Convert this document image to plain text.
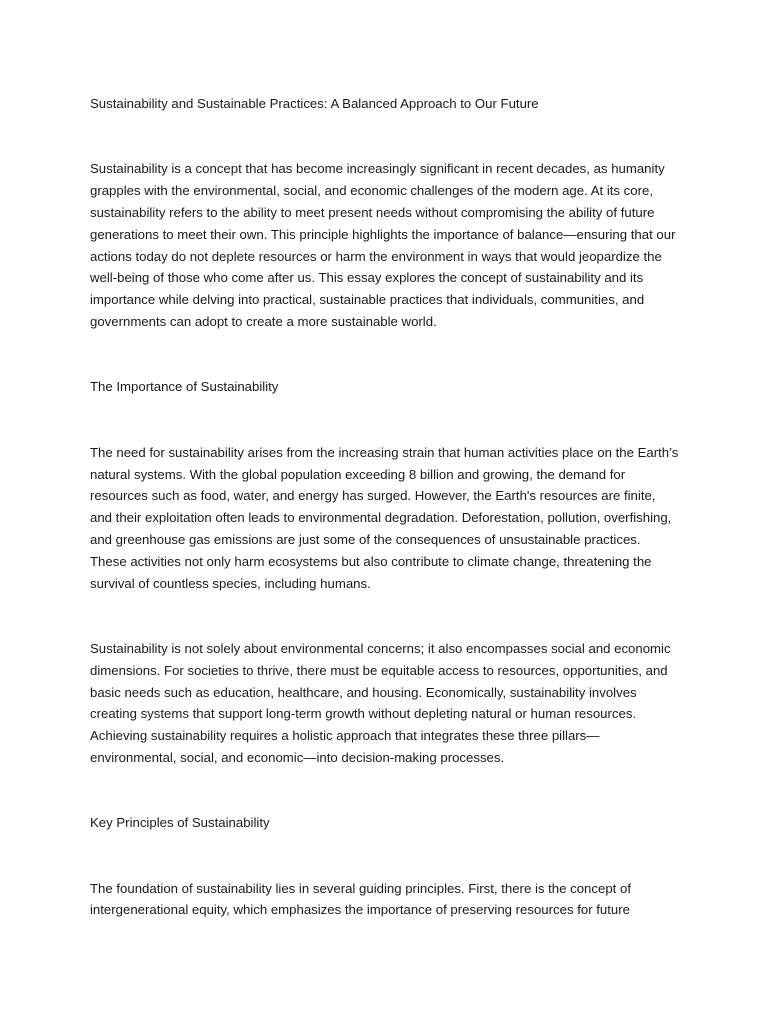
Sustainability and Sustainable Practices: A Balanced Approach to Our Future

Sustainability is a concept that has become increasingly significant in recent decades, as humanity grapples with the environmental, social, and economic challenges of the modern age. At its core, sustainability refers to the ability to meet present needs without compromising the ability of future generations to meet their own. This principle highlights the importance of balance—ensuring that our actions today do not deplete resources or harm the environment in ways that would jeopardize the well-being of those who come after us. This essay explores the concept of sustainability and its importance while delving into practical, sustainable practices that individuals, communities, and governments can adopt to create a more sustainable world.

The Importance of Sustainability

The need for sustainability arises from the increasing strain that human activities place on the Earth’s natural systems. With the global population exceeding 8 billion and growing, the demand for resources such as food, water, and energy has surged. However, the Earth's resources are finite, and their exploitation often leads to environmental degradation. Deforestation, pollution, overfishing, and greenhouse gas emissions are just some of the consequences of unsustainable practices. These activities not only harm ecosystems but also contribute to climate change, threatening the survival of countless species, including humans.

Sustainability is not solely about environmental concerns; it also encompasses social and economic dimensions. For societies to thrive, there must be equitable access to resources, opportunities, and basic needs such as education, healthcare, and housing. Economically, sustainability involves creating systems that support long-term growth without depleting natural or human resources. Achieving sustainability requires a holistic approach that integrates these three pillars—environmental, social, and economic—into decision-making processes.

Key Principles of Sustainability

The foundation of sustainability lies in several guiding principles. First, there is the concept of intergenerational equity, which emphasizes the importance of preserving resources for future
